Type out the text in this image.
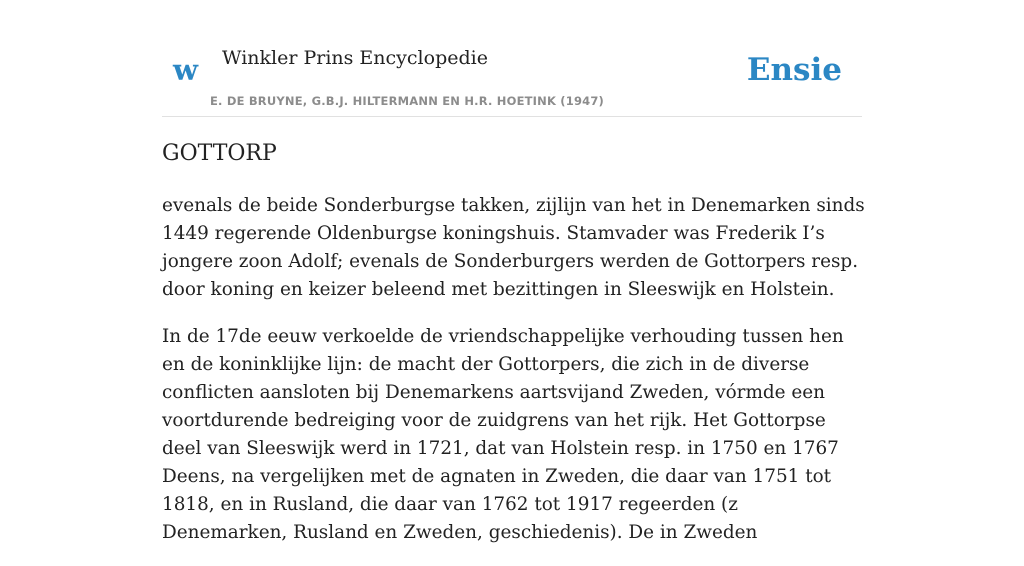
w Winkler Prins Encyclopedie
E. DE BRUYNE, G.B.J. HILTERMANN EN H.R. HOETINK (1947)
Ensie
GOTTORP

evenals de beide Sonderburgse takken, zijlijn van het in Denemarken sinds 1449 regerende Oldenburgse koningshuis. Stamvader was Frederik I’s jongere zoon Adolf; evenals de Sonderburgers werden de Gottorpers resp. door koning en keizer beleend met bezittingen in Sleeswijk en Holstein.

In de 17de eeuw verkoelde de vriendschappelijke verhouding tussen hen en de koninklijke lijn: de macht der Gottorpers, die zich in de diverse conflicten aansloten bij Denemarkens aartsvijand Zweden, vórmde een voortdurende bedreiging voor de zuidgrens van het rijk. Het Gottorpse deel van Sleeswijk werd in 1721, dat van Holstein resp. in 1750 en 1767 Deens, na vergelijken met de agnaten in Zweden, die daar van 1751 tot 1818, en in Rusland, die daar van 1762 tot 1917 regeerden (z Denemarken, Rusland en Zweden, geschiedenis). De in Zweden
